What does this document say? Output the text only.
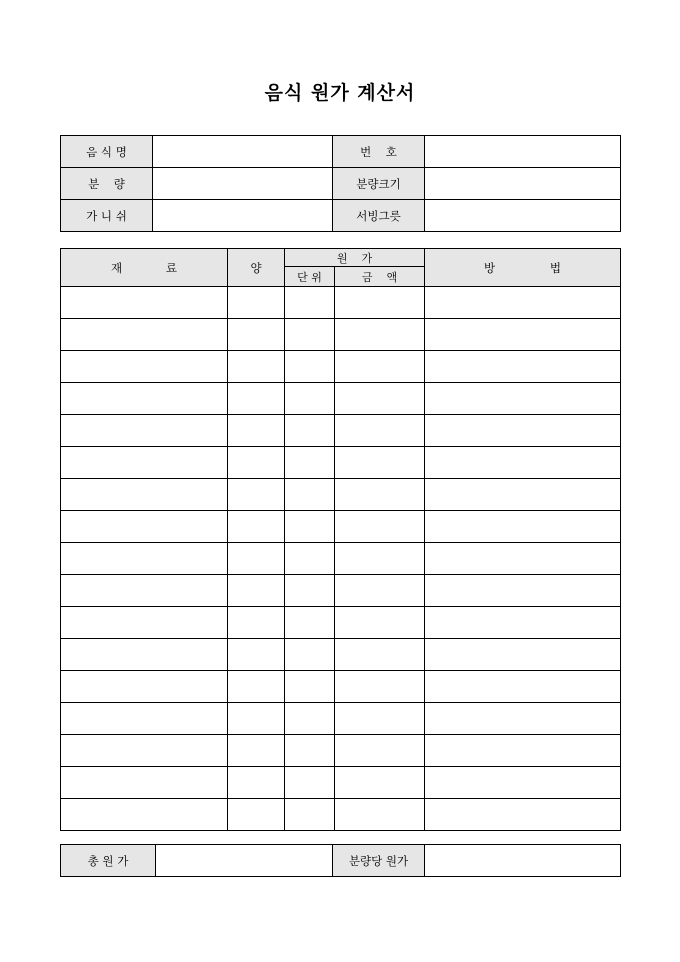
음식 원가 계산서
음 식 명		번    호	
분    량		분량크기	
가 니 쉬		서빙그릇	
재            료	양	원    가		방               법
		단 위	금    액	

총 원 가		분량당 원가	
